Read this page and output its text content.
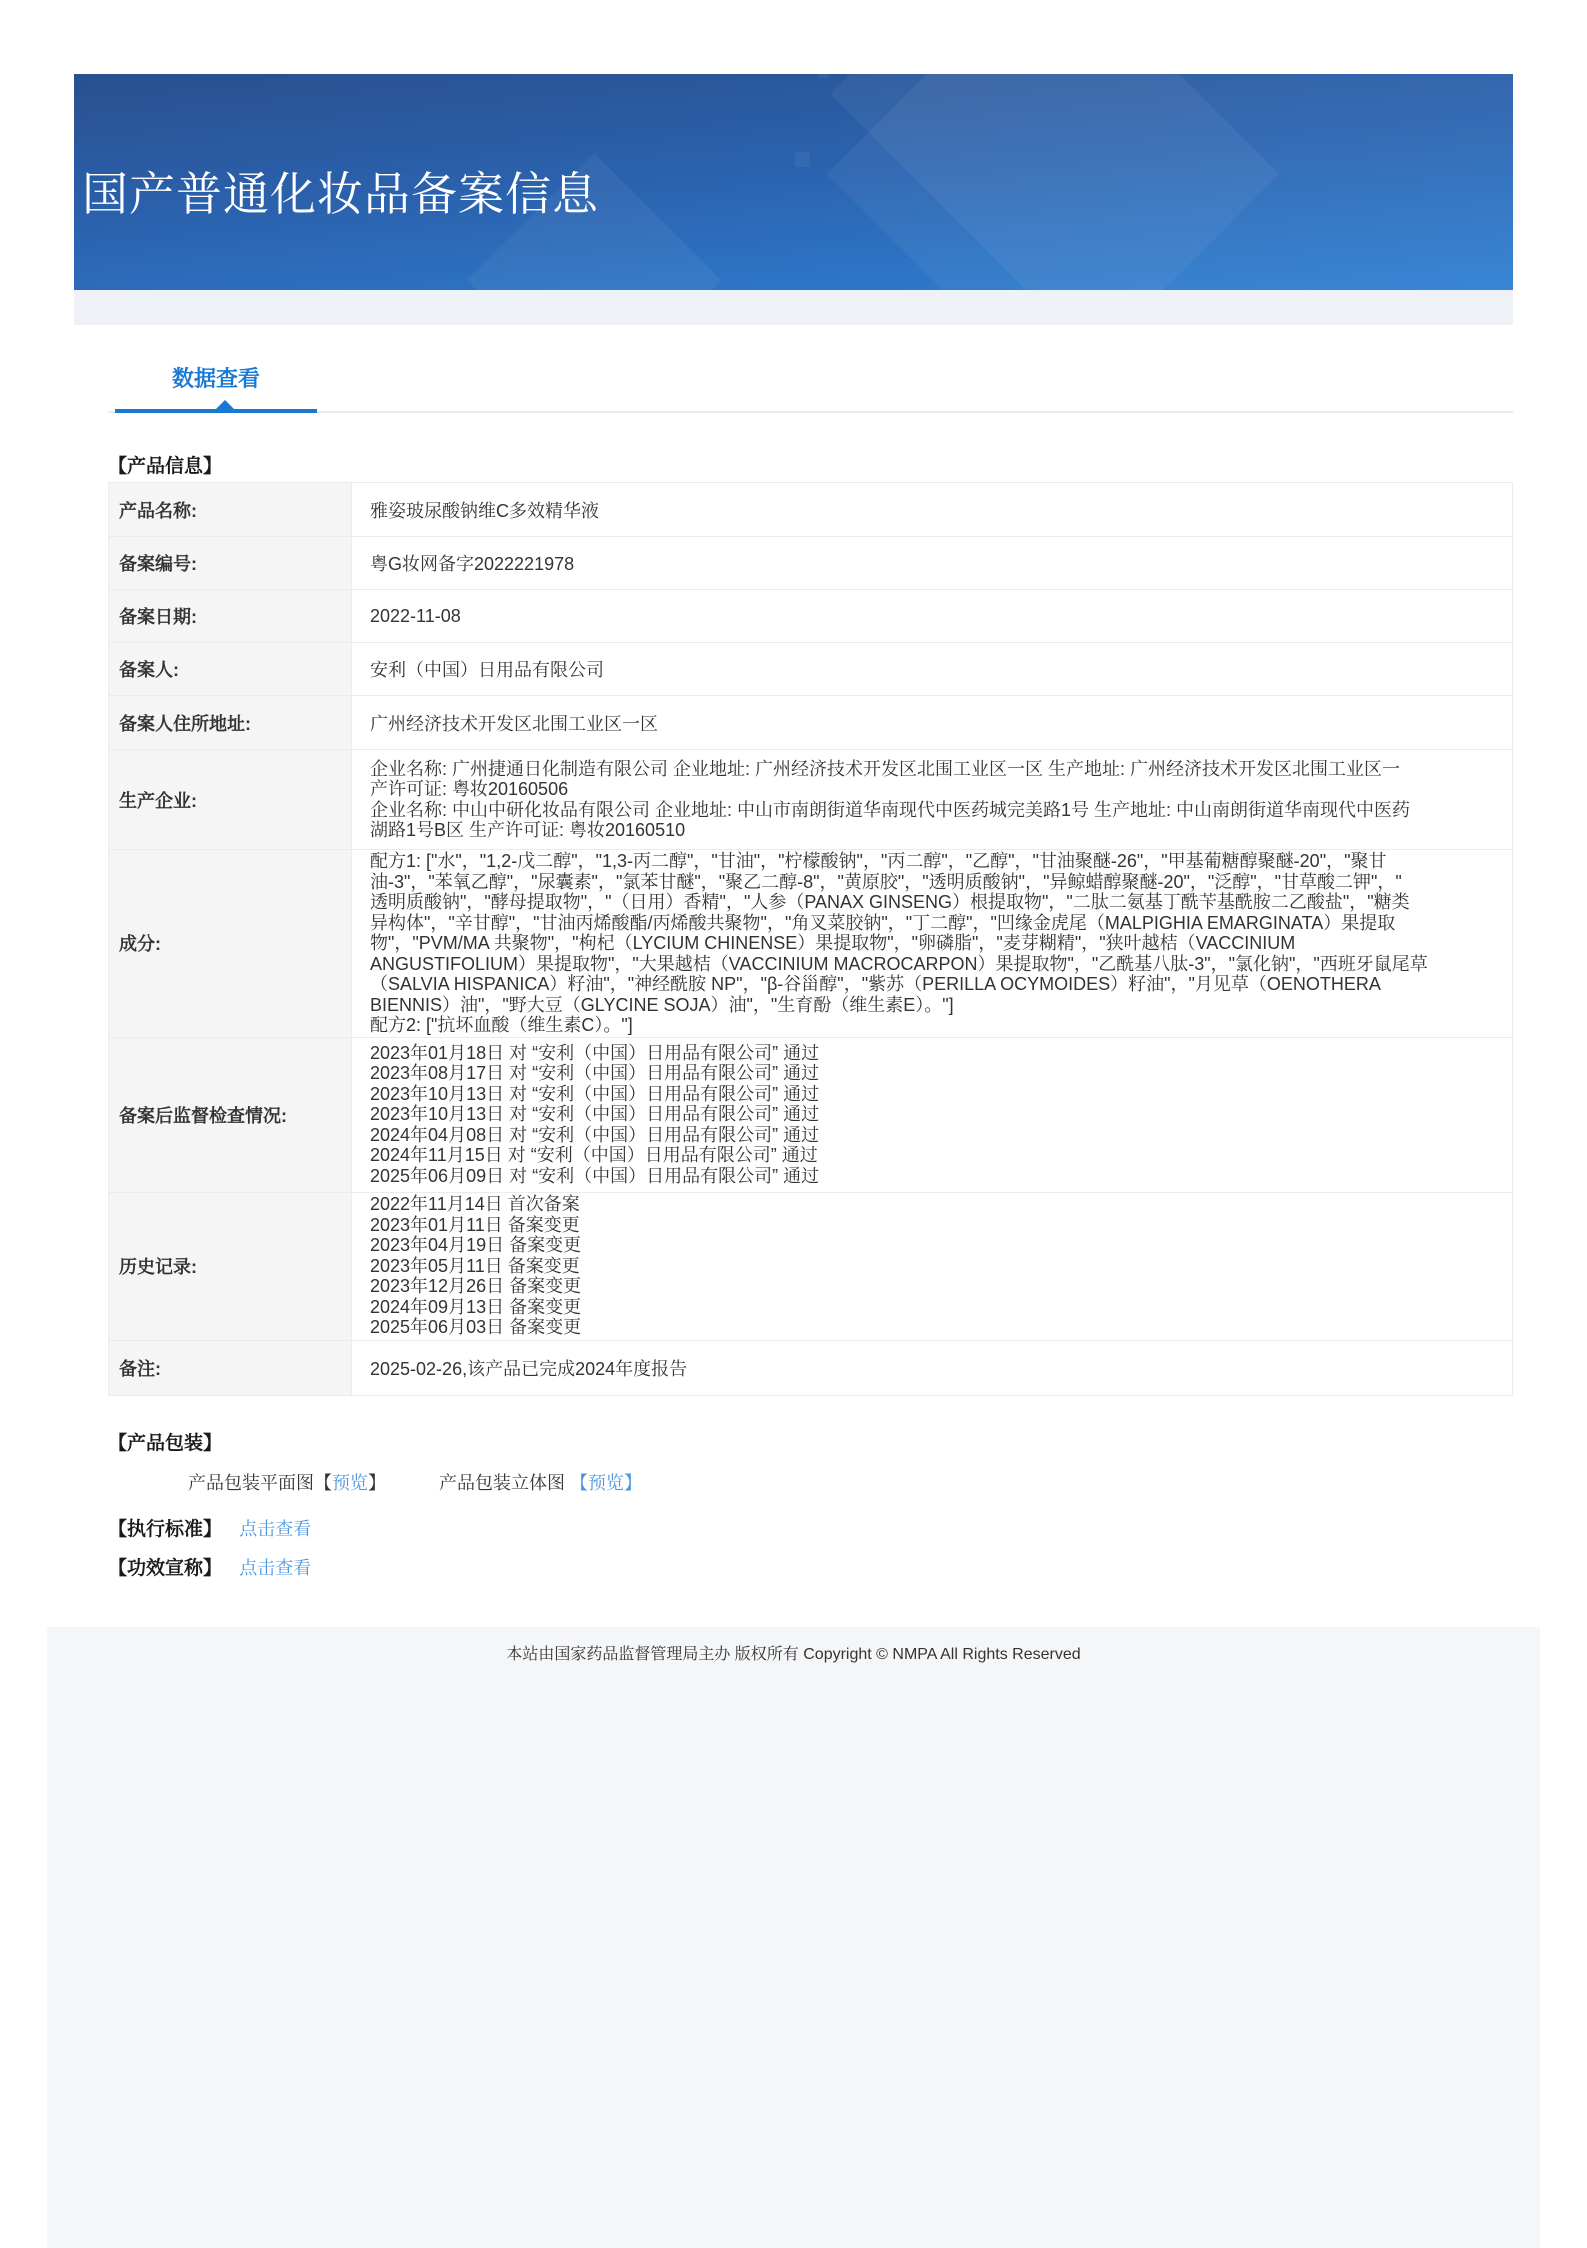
国产普通化妆品备案信息
数据查看
【产品信息】
产品名称:	雅姿玻尿酸钠维C多效精华液
备案编号:	粤G妆网备字2022221978
备案日期:	2022-11-08
备案人:	安利（中国）日用品有限公司
备案人住所地址:	广州经济技术开发区北围工业区一区
生产企业:	企业名称: 广州捷通日化制造有限公司 企业地址: 广州经济技术开发区北围工业区一区 生产地址: 广州经济技术开发区北围工业区一
产许可证: 粤妆20160506
企业名称: 中山中研化妆品有限公司 企业地址: 中山市南朗街道华南现代中医药城完美路1号 生产地址: 中山南朗街道华南现代中医药
湖路1号B区 生产许可证: 粤妆20160510

成分:	
配方1: ["水"，"1,2-戊二醇"，"1,3-丙二醇"，"甘油"，"柠檬酸钠"，"丙二醇"，"乙醇"，"甘油聚醚-26"，"甲基葡糖醇聚醚-20"，"聚甘
油-3"，"苯氧乙醇"，"尿囊素"，"氯苯甘醚"，"聚乙二醇-8"，"黄原胶"，"透明质酸钠"，"异鲸蜡醇聚醚-20"，"泛醇"，"甘草酸二钾"，"
透明质酸钠"，"酵母提取物"，"（日用）香精"，"人参（PANAX GINSENG）根提取物"，"二肽二氨基丁酰苄基酰胺二乙酸盐"，"糖类
异构体"，"辛甘醇"，"甘油丙烯酸酯/丙烯酸共聚物"，"角叉菜胶钠"，"丁二醇"，"凹缘金虎尾（MALPIGHIA EMARGINATA）果提取
物"，"PVM/MA 共聚物"，"枸杞（LYCIUM CHINENSE）果提取物"，"卵磷脂"，"麦芽糊精"，"狭叶越桔（VACCINIUM
ANGUSTIFOLIUM）果提取物"，"大果越桔（VACCINIUM MACROCARPON）果提取物"，"乙酰基八肽-3"，"氯化钠"，"西班牙鼠尾草
（SALVIA HISPANICA）籽油"，"神经酰胺 NP"，"β-谷甾醇"，"紫苏（PERILLA OCYMOIDES）籽油"，"月见草（OENOTHERA
BIENNIS）油"，"野大豆（GLYCINE SOJA）油"，"生育酚（维生素E）。"]
配方2: ["抗坏血酸（维生素C）。"]

备案后监督检查情况:	
2023年01月18日 对 “安利（中国）日用品有限公司” 通过
2023年08月17日 对 “安利（中国）日用品有限公司” 通过
2023年10月13日 对 “安利（中国）日用品有限公司” 通过
2023年10月13日 对 “安利（中国）日用品有限公司” 通过
2024年04月08日 对 “安利（中国）日用品有限公司” 通过
2024年11月15日 对 “安利（中国）日用品有限公司” 通过
2025年06月09日 对 “安利（中国）日用品有限公司” 通过

历史记录:	
2022年11月14日 首次备案
2023年01月11日 备案变更
2023年04月19日 备案变更
2023年05月11日 备案变更
2023年12月26日 备案变更
2024年09月13日 备案变更
2025年06月03日 备案变更

备注:	2025-02-26,该产品已完成2024年度报告
【产品包装】
产品包装平面图【预览】	产品包装立体图 【预览】
【执行标准】 点击查看
【功效宣称】 点击查看
本站由国家药品监督管理局主办 版权所有 Copyright © NMPA All Rights Reserved
